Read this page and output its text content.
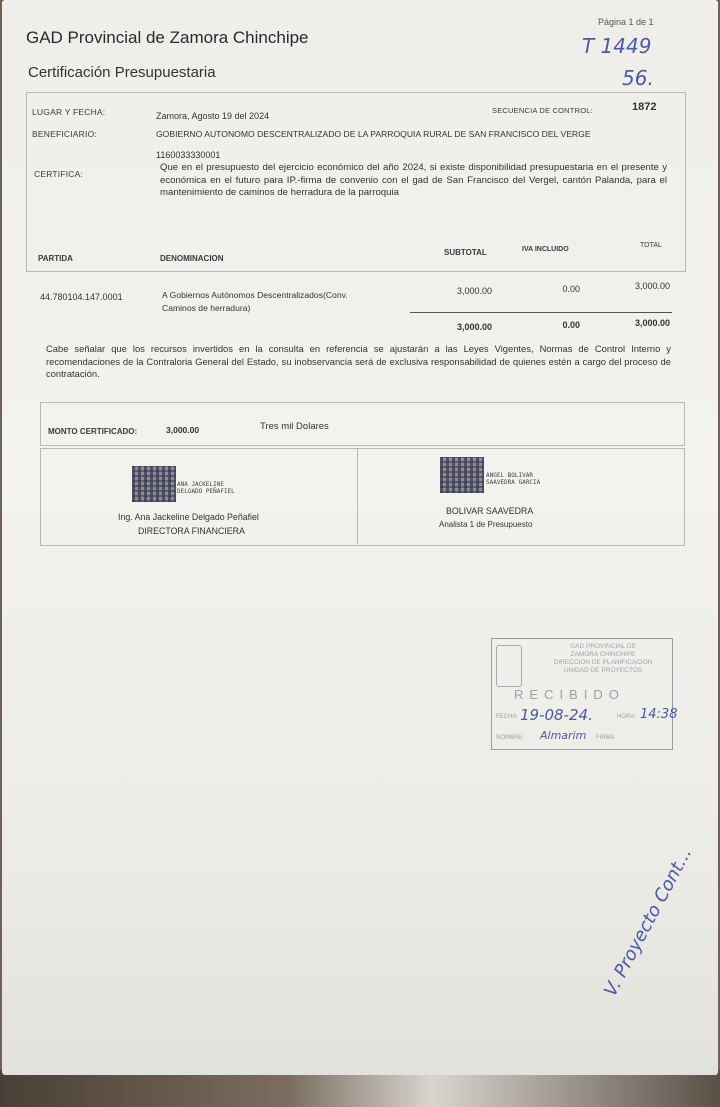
Página 1 de 1
GAD Provincial de Zamora Chinchipe
Certificación Presupuestaria
T 1449
56.
LUGAR Y FECHA:	Zamora, Agosto 19 del 2024
SECUENCIA DE CONTROL:	1872
BENEFICIARIO:	GOBIERNO AUTONOMO DESCENTRALIZADO DE LA PARROQUIA RURAL DE SAN FRANCISCO DEL VERGE
1160033330001
CERTIFICA:
Que en el presupuesto del ejercicio económico del año 2024, si existe disponibilidad presupuestaria en el presente y económica en el futuro para IP.-firma de convenio con el gad de San Francisco del Vergel, cantón Palanda, para el mantenimiento de caminos de herradura de la parroquia
PARTIDA	DENOMINACION
SUBTOTAL	IVA INCLUIDO
TOTAL
44.780104.147.0001	A Gobiernos Autónomos Descentralizados(Conv.
Caminos de herradura)
3,000.00	0.00	3,000.00
3,000.00	0.00	3,000.00
Cabe señalar que los recursos invertidos en la consulta en referencia se ajustarán a las Leyes Vigentes, Normas de Control Interno y recomendaciones de la Contraloria General del Estado, su inobservancia será de exclusiva responsabilidad de quienes estén a cargo del proceso de contratación.
MONTO CERTIFICADO:	3,000.00	Tres mil Dolares
ANA JACKELINE
DELGADO PEÑAFIEL
Ing. Ana Jackeline Delgado Peñafiel
DIRECTORA FINANCIERA
ANGEL BOLIVAR
SAAVEDRA GARCIA
BOLIVAR SAAVEDRA
Analista 1 de Presupuesto
GAD PROVINCIAL DE
ZAMORA CHINCHIPE
DIRECCION DE PLANIFICACION
UNIDAD DE PROYECTOS
RECIBIDO
FECHA: 19-08-24.	HORA: 14:38
NOMBRE: Almarim FIRMA
V. Proyecto Cont...
